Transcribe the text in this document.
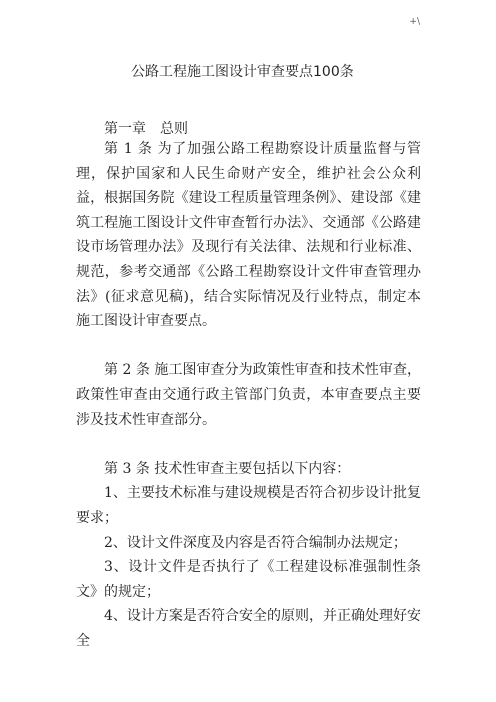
+\
公路工程施工图设计审查要点100条
第一章 总则

第 1 条 为了加强公路工程勘察设计质量监督与管理，保护国家和人民生命财产安全，维护社会公众利益，根据国务院《建设工程质量管理条例》、建设部《建筑工程施工图设计文件审查暂行办法》、交通部《公路建设市场管理办法》及现行有关法律、法规和行业标准、规范，参考交通部《公路工程勘察设计文件审查管理办法》(征求意见稿)，结合实际情况及行业特点，制定本施工图设计审查要点。

第 2 条 施工图审查分为政策性审查和技术性审查，政策性审查由交通行政主管部门负责，本审查要点主要涉及技术性审查部分。

第 3 条 技术性审查主要包括以下内容：

1、主要技术标准与建设规模是否符合初步设计批复要求；

2、设计文件深度及内容是否符合编制办法规定；

3、设计文件是否执行了《工程建设标准强制性条文》的规定；

4、设计方案是否符合安全的原则，并正确处理好安全
